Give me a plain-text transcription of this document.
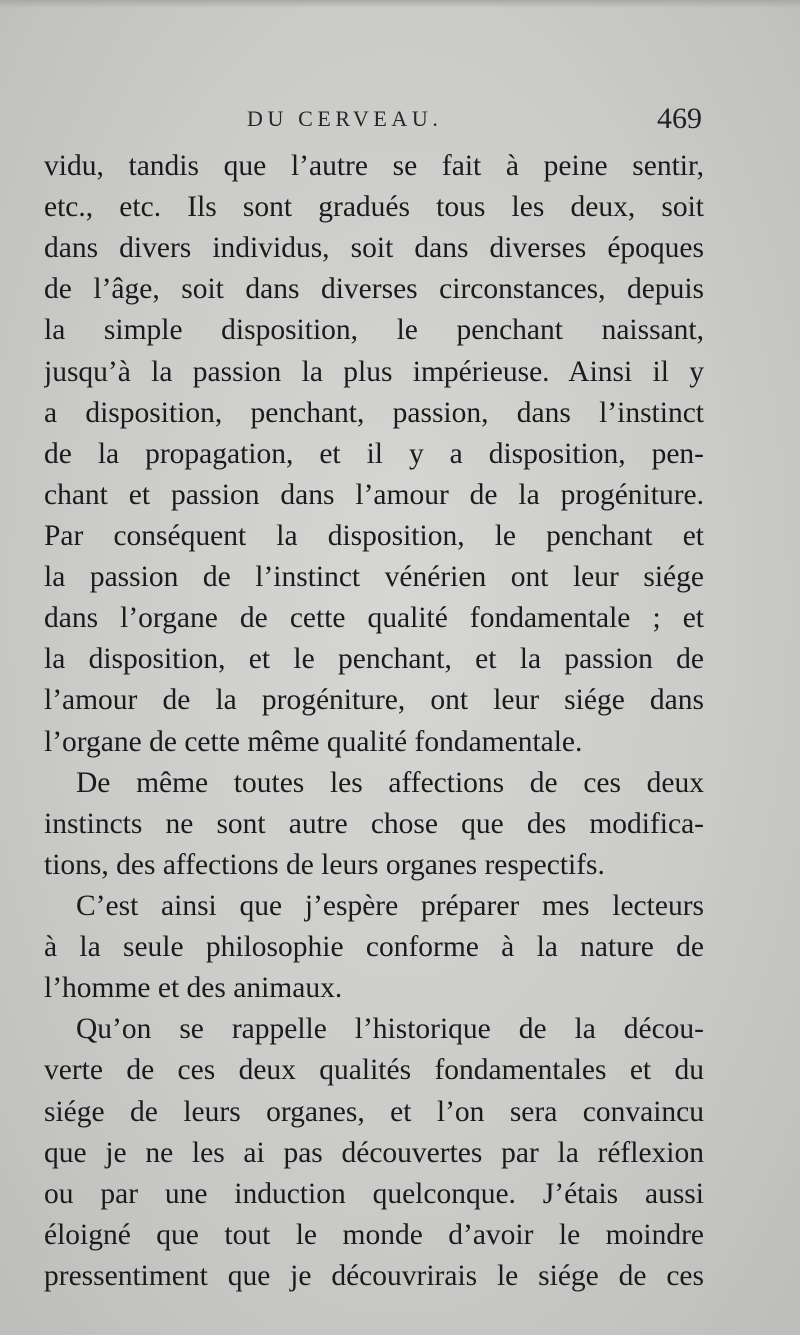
DU CERVEAU.	469
vidu, tandis que l’autre se fait à peine sentir,
etc., etc. Ils sont gradués tous les deux, soit
dans divers individus, soit dans diverses époques
de l’âge, soit dans diverses circonstances, depuis
la simple disposition, le penchant naissant,
jusqu’à la passion la plus impérieuse. Ainsi il y
a disposition, penchant, passion, dans l’instinct
de la propagation, et il y a disposition, pen-
chant et passion dans l’amour de la progéniture.
Par conséquent la disposition, le penchant et
la passion de l’instinct vénérien ont leur siége
dans l’organe de cette qualité fondamentale ; et
la disposition, et le penchant, et la passion de
l’amour de la progéniture, ont leur siége dans
l’organe de cette même qualité fondamentale.
De même toutes les affections de ces deux
instincts ne sont autre chose que des modifica-
tions, des affections de leurs organes respectifs.
C’est ainsi que j’espère préparer mes lecteurs
à la seule philosophie conforme à la nature de
l’homme et des animaux.
Qu’on se rappelle l’historique de la décou-
verte de ces deux qualités fondamentales et du
siége de leurs organes, et l’on sera convaincu
que je ne les ai pas découvertes par la réflexion
ou par une induction quelconque. J’étais aussi
éloigné que tout le monde d’avoir le moindre
pressentiment que je découvrirais le siége de ces
